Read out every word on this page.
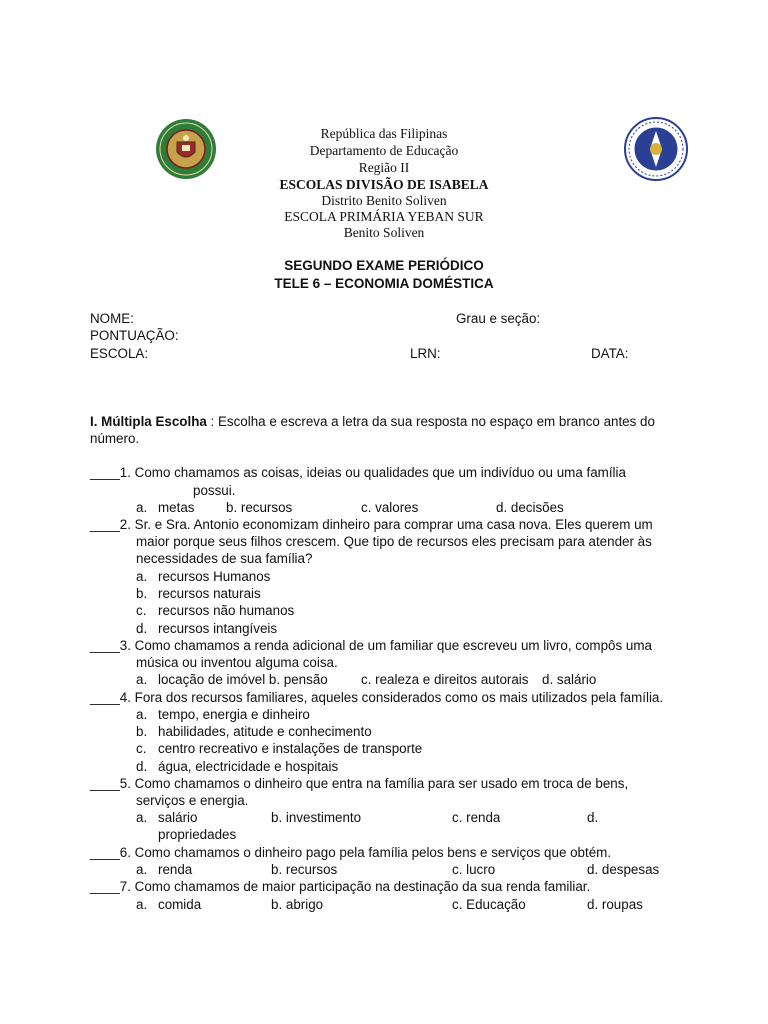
República das Filipinas
Departamento de Educação
Região II
ESCOLAS DIVISÃO DE ISABELA
Distrito Benito Soliven
ESCOLA PRIMÁRIA YEBAN SUR
Benito Soliven
SEGUNDO EXAME PERIÓDICO
TELE 6 – ECONOMIA DOMÉSTICA
NOME:	Grau e seção:
PONTUAÇÃO:
ESCOLA:	LRN:	DATA:
I. Múltipla Escolha : Escolha e escreva a letra da sua resposta no espaço em branco antes do
número.
____1. Como chamamos as coisas, ideias ou qualidades que um indivíduo ou uma família
possui.
a. metas b. recursos	c. valores	d. decisões
____2. Sr. e Sra. Antonio economizam dinheiro para comprar uma casa nova. Eles querem um
maior porque seus filhos crescem. Que tipo de recursos eles precisam para atender às
necessidades de sua família?
a. recursos Humanos
b. recursos naturais
c. recursos não humanos
d. recursos intangíveis
____3. Como chamamos a renda adicional de um familiar que escreveu um livro, compôs uma
música ou inventou alguma coisa.
a. locação de imóvel b. pensão c. realeza e direitos autorais d. salário
____4. Fora dos recursos familiares, aqueles considerados como os mais utilizados pela família.
a. tempo, energia e dinheiro
b. habilidades, atitude e conhecimento
c. centro recreativo e instalações de transporte
d. água, electricidade e hospitais
____5. Como chamamos o dinheiro que entra na família para ser usado em troca de bens,
serviços e energia.
a. salário	b. investimento	c. renda	d.
propriedades
____6. Como chamamos o dinheiro pago pela família pelos bens e serviços que obtém.
a. renda	b. recursos	c. lucro	d. despesas
____7. Como chamamos de maior participação na destinação da sua renda familiar.
a. comida	b. abrigo	c. Educação	d. roupas
